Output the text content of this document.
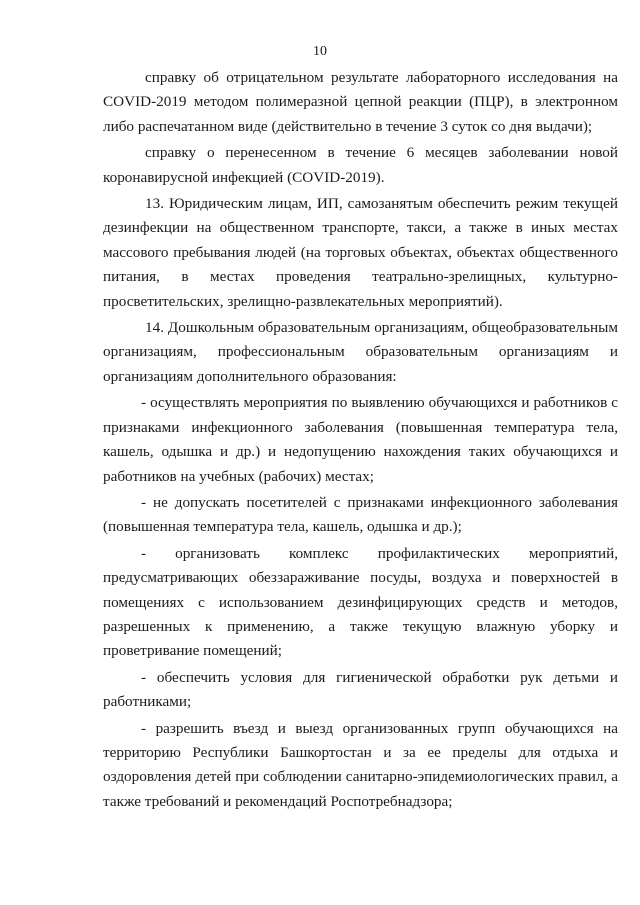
10

справку об отрицательном результате лабораторного исследования на COVID-2019 методом полимеразной цепной реакции (ПЦР), в электронном либо распечатанном виде (действительно в течение 3 суток со дня выдачи);

справку о перенесенном в течение 6 месяцев заболевании новой коронавирусной инфекцией (COVID-2019).

13. Юридическим лицам, ИП, самозанятым обеспечить режим текущей дезинфекции на общественном транспорте, такси, а также в иных местах массового пребывания людей (на торговых объектах, объектах общественного питания, в местах проведения театрально-зрелищных, культурно-просветительских, зрелищно-развлекательных мероприятий).

14. Дошкольным образовательным организациям, общеобразовательным организациям, профессиональным образовательным организациям и организациям дополнительного образования:

- осуществлять мероприятия по выявлению обучающихся и работников с признаками инфекционного заболевания (повышенная температура тела, кашель, одышка и др.) и недопущению нахождения таких обучающихся и работников на учебных (рабочих) местах;

- не допускать посетителей с признаками инфекционного заболевания (повышенная температура тела, кашель, одышка и др.);

- организовать комплекс профилактических мероприятий, предусматривающих обеззараживание посуды, воздуха и поверхностей в помещениях с использованием дезинфицирующих средств и методов, разрешенных к применению, а также текущую влажную уборку и проветривание помещений;

- обеспечить условия для гигиенической обработки рук детьми и работниками;

- разрешить въезд и выезд организованных групп обучающихся на территорию Республики Башкортостан и за ее пределы для отдыха и оздоровления детей при соблюдении санитарно-эпидемиологических правил, а также требований и рекомендаций Роспотребнадзора;
